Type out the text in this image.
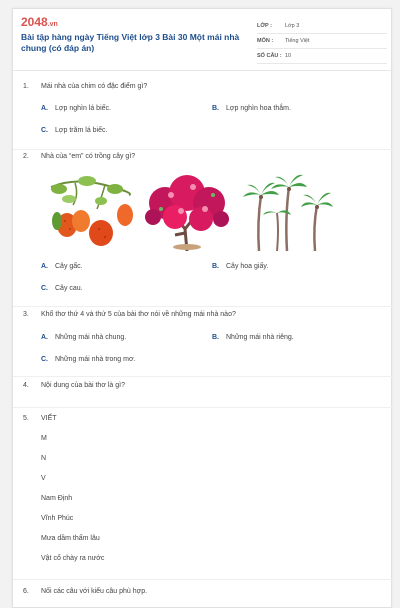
2048.vn
Bài tập hàng ngày Tiếng Việt lớp 3 Bài 30 Một mái nhà chung (có đáp án)
LỚP : Lớp 3
MÔN : Tiếng Việt
SỐ CÂU : 10
1. Mái nhà của chim có đặc điểm gì?
A. Lợp nghìn lá biếc.	B. Lợp nghìn hoa thắm.
C. Lợp trăm lá biếc.
2. Nhà của “em” có trồng cây gì?
A. Cây gấc.	B. Cây hoa giấy.
C. Cây cau.
3. Khổ thơ thứ 4 và thứ 5 của bài thơ nói về những mái nhà nào?
A. Những mái nhà chung.	B. Những mái nhà riêng.
C. Những mái nhà trong mơ.
4. Nội dung của bài thơ là gì?
5. VIẾT
M
N
V
Nam Định
Vĩnh Phúc
Mưa dầm thấm lâu
Vật cổ chày ra nước
6. Nối các câu với kiểu câu phù hợp.
